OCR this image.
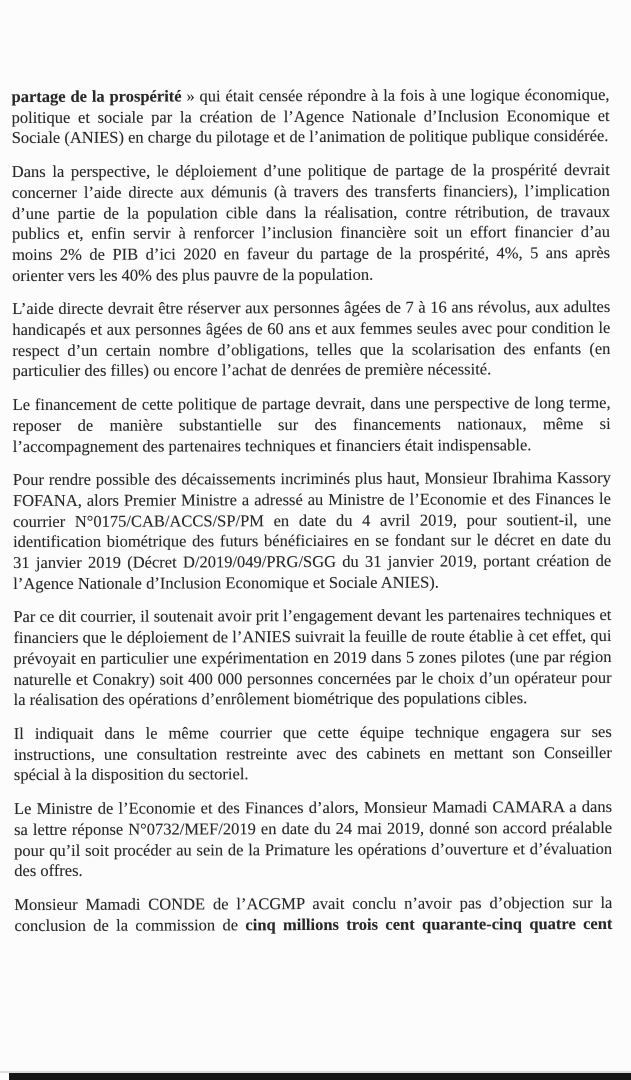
partage de la prospérité » qui était censée répondre à la fois à une logique économique, politique et sociale par la création de l’Agence Nationale d’Inclusion Economique et Sociale (ANIES) en charge du pilotage et de l’animation de politique publique considérée.

Dans la perspective, le déploiement d’une politique de partage de la prospérité devrait concerner l’aide directe aux démunis (à travers des transferts financiers), l’implication d’une partie de la population cible dans la réalisation, contre rétribution, de travaux publics et, enfin servir à renforcer l’inclusion financière soit un effort financier d’au moins 2% de PIB d’ici 2020 en faveur du partage de la prospérité, 4%, 5 ans après orienter vers les 40% des plus pauvre de la population.

L’aide directe devrait être réserver aux personnes âgées de 7 à 16 ans révolus, aux adultes handicapés et aux personnes âgées de 60 ans et aux femmes seules avec pour condition le respect d’un certain nombre d’obligations, telles que la scolarisation des enfants (en particulier des filles) ou encore l’achat de denrées de première nécessité.

Le financement de cette politique de partage devrait, dans une perspective de long terme, reposer de manière substantielle sur des financements nationaux, même si l’accompagnement des partenaires techniques et financiers était indispensable.

Pour rendre possible des décaissements incriminés plus haut, Monsieur Ibrahima Kassory FOFANA, alors Premier Ministre a adressé au Ministre de l’Economie et des Finances le courrier N°0175/CAB/ACCS/SP/PM en date du 4 avril 2019, pour soutient-il, une identification biométrique des futurs bénéficiaires en se fondant sur le décret en date du 31 janvier 2019 (Décret D/2019/049/PRG/SGG du 31 janvier 2019, portant création de l’Agence Nationale d’Inclusion Economique et Sociale ANIES).

Par ce dit courrier, il soutenait avoir prit l’engagement devant les partenaires techniques et financiers que le déploiement de l’ANIES suivrait la feuille de route établie à cet effet, qui prévoyait en particulier une expérimentation en 2019 dans 5 zones pilotes (une par région naturelle et Conakry) soit 400 000 personnes concernées par le choix d’un opérateur pour la réalisation des opérations d’enrôlement biométrique des populations cibles.

Il indiquait dans le même courrier que cette équipe technique engagera sur ses instructions, une consultation restreinte avec des cabinets en mettant son Conseiller spécial à la disposition du sectoriel.

Le Ministre de l’Economie et des Finances d’alors, Monsieur Mamadi CAMARA a dans sa lettre réponse N°0732/MEF/2019 en date du 24 mai 2019, donné son accord préalable pour qu’il soit procéder au sein de la Primature les opérations d’ouverture et d’évaluation des offres.

Monsieur Mamadi CONDE de l’ACGMP avait conclu n’avoir pas d’objection sur la conclusion de la commission de cinq millions trois cent quarante-cinq quatre cent
